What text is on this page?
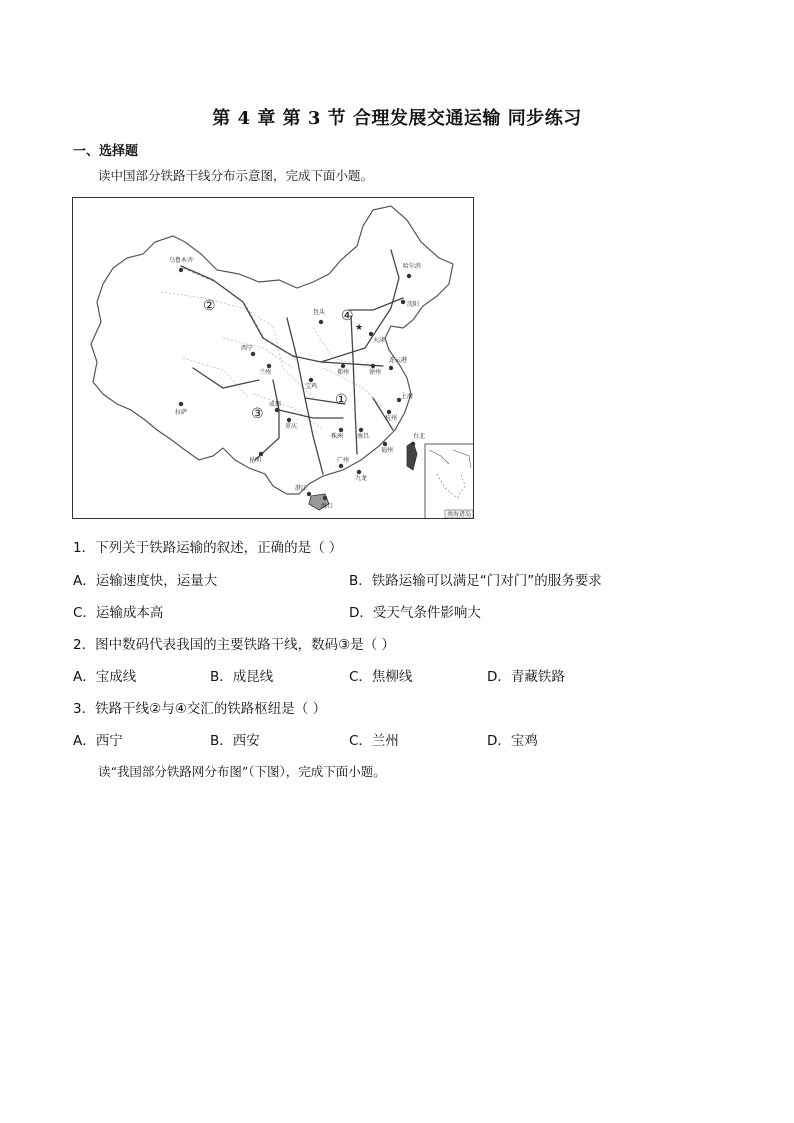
第 4 章 第 3 节 合理发展交通运输 同步练习
一、选择题
读中国部分铁路干线分布示意图，完成下面小题。
乌鲁木齐
哈尔滨
沈阳
包头
天津
西宁
兰州
宝鸡
郑州	徐州
连云港
成都
重庆
上海
杭州
株洲 南昌
福州
拉萨
昆明	广州
九龙
湛江
海口
台北
①
②
③
④
★
南海诸岛
1．下列关于铁路运输的叙述，正确的是（ ）
A．运输速度快，运量大	B．铁路运输可以满足“门对门”的服务要求
C．运输成本高	D．受天气条件影响大
2．图中数码代表我国的主要铁路干线，数码③是（ ）
A．宝成线	B．成昆线	C．焦柳线	D．青藏铁路
3．铁路干线②与④交汇的铁路枢纽是（ ）
A．西宁	B．西安	C．兰州	D．宝鸡
读“我国部分铁路网分布图”（下图），完成下面小题。
